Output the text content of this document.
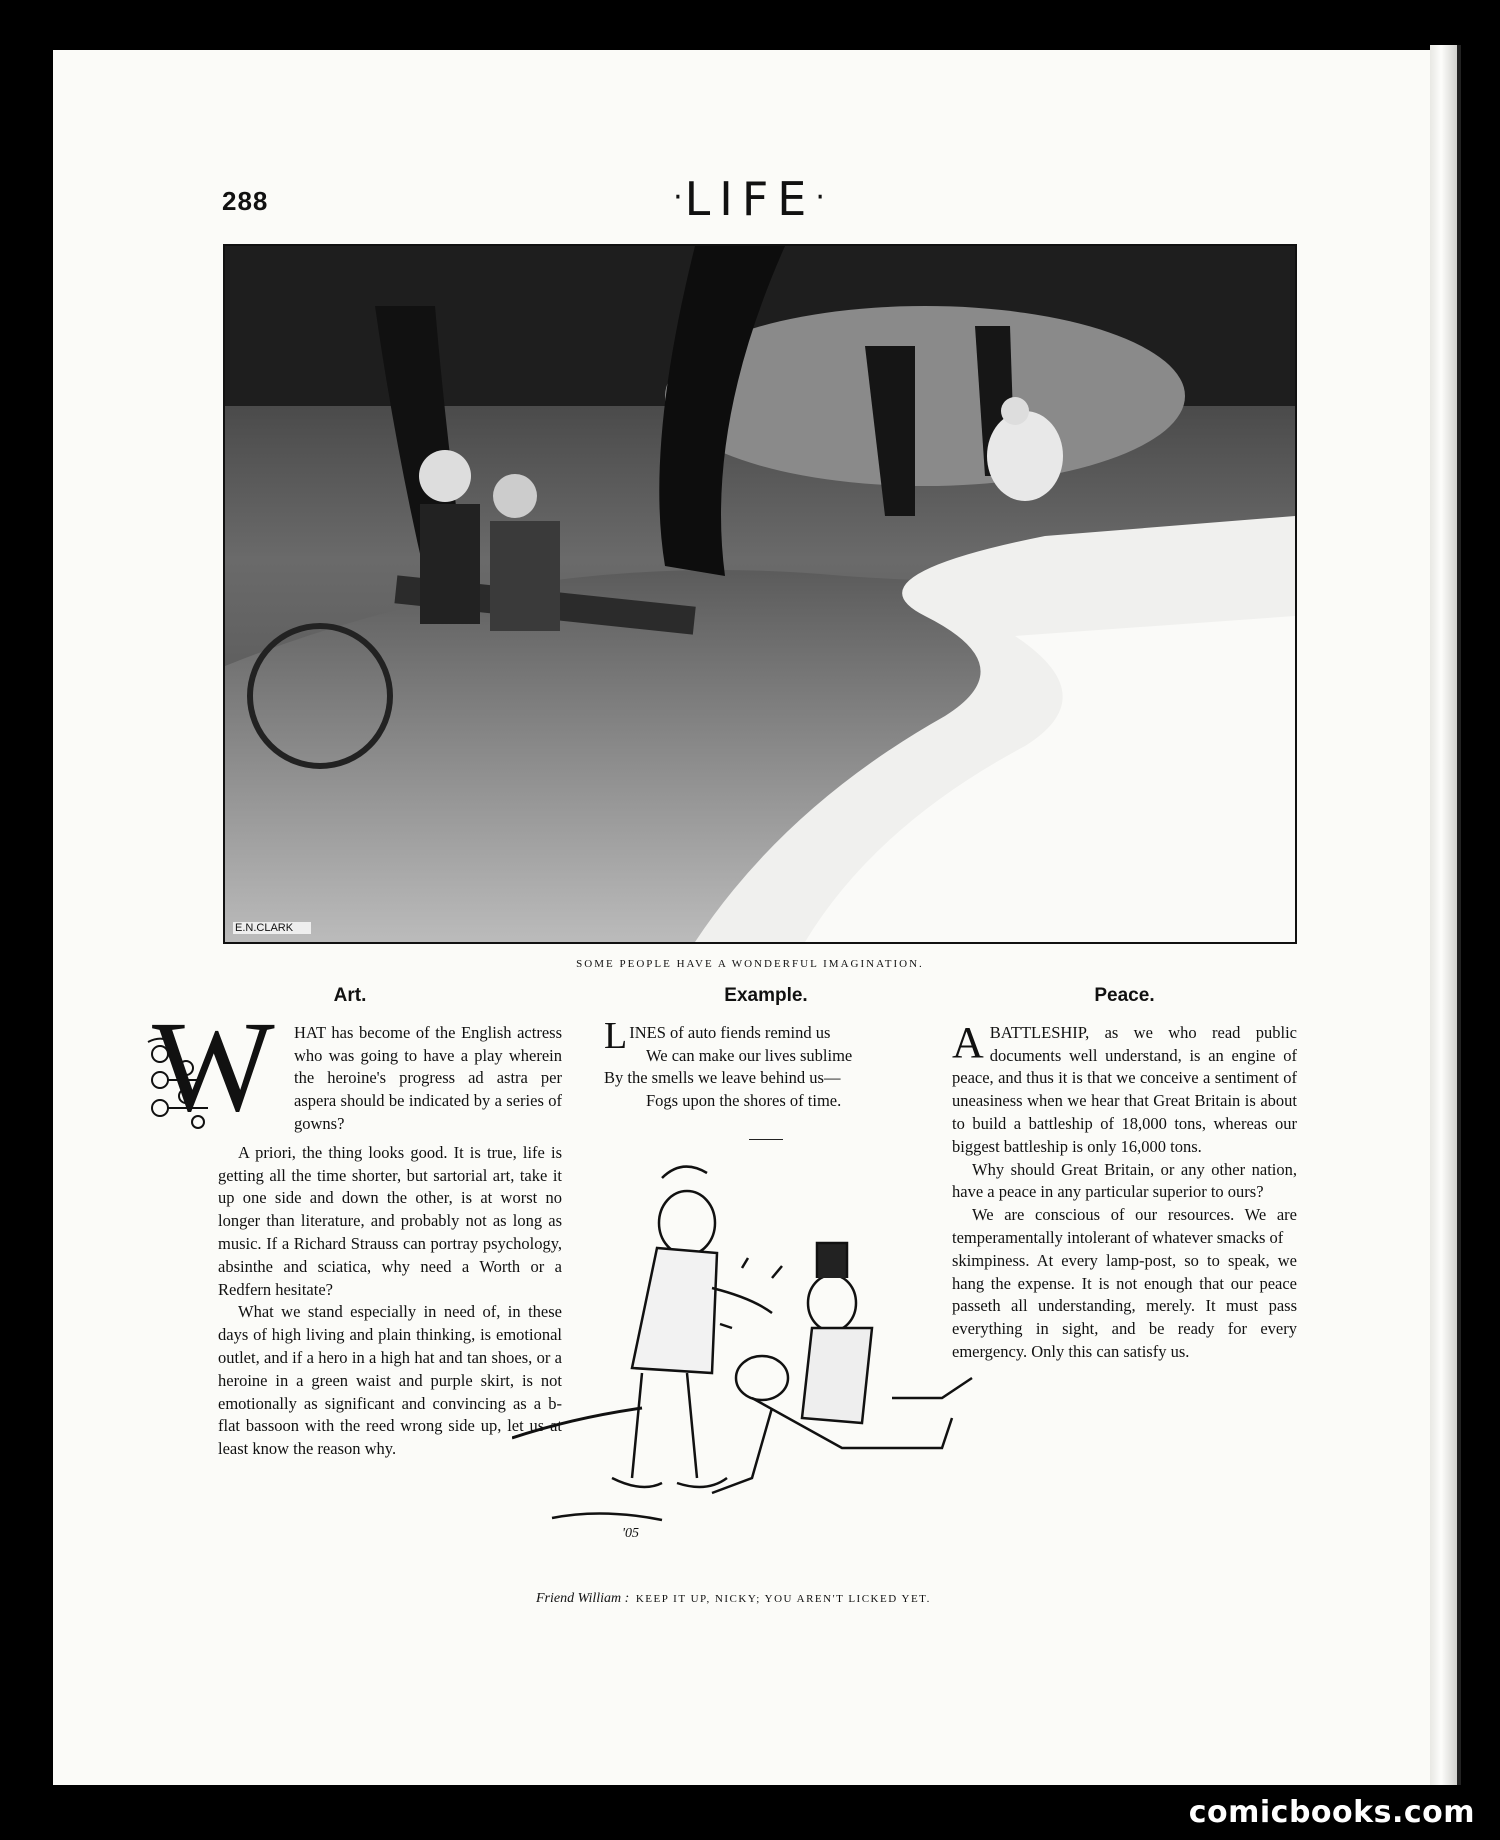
288	·LIFE·
E.N.CLARK
SOME PEOPLE HAVE A WONDERFUL IMAGINATION.
Art.
W	HAT has become of the English actress who was going to have a play wherein the heroine's progress ad astra per aspera should be indicated by a series of gowns?

A priori, the thing looks good. It is true, life is getting all the time shorter, but sartorial art, take it up one side and down the other, is at worst no longer than literature, and probably not as long as music. If a Richard Strauss can portray psychology, absinthe and sciatica, why need a Worth or a Redfern hesitate?

What we stand especially in need of, in these days of high living and plain thinking, is emotional outlet, and if a hero in a high hat and tan shoes, or a heroine in a green waist and purple skirt, is not emotionally as significant and convincing as a b-flat bassoon with the reed wrong side up, let us at least know the reason why.

Example.
LINES of auto fiends remind us
We can make our lives sublime
By the smells we leave behind us—
Fogs upon the shores of time.
'05
Friend William : KEEP IT UP, NICKY; YOU AREN'T LICKED YET.
Peace.

ABATTLESHIP, as we who read public documents well understand, is an engine of peace, and thus it is that we conceive a sentiment of uneasiness when we hear that Great Britain is about to build a battleship of 18,000 tons, whereas our biggest battleship is only 16,000 tons.

Why should Great Britain, or any other nation, have a peace in any particular superior to ours?

We are conscious of our resources. We are temperamentally intolerant of whatever smacks of

skimpiness. At every lamp-post, so to speak, we hang the expense. It is not enough that our peace passeth all understanding, merely. It must pass everything in sight, and be ready for every emergency. Only this can satisfy us.

comicbooks.com
